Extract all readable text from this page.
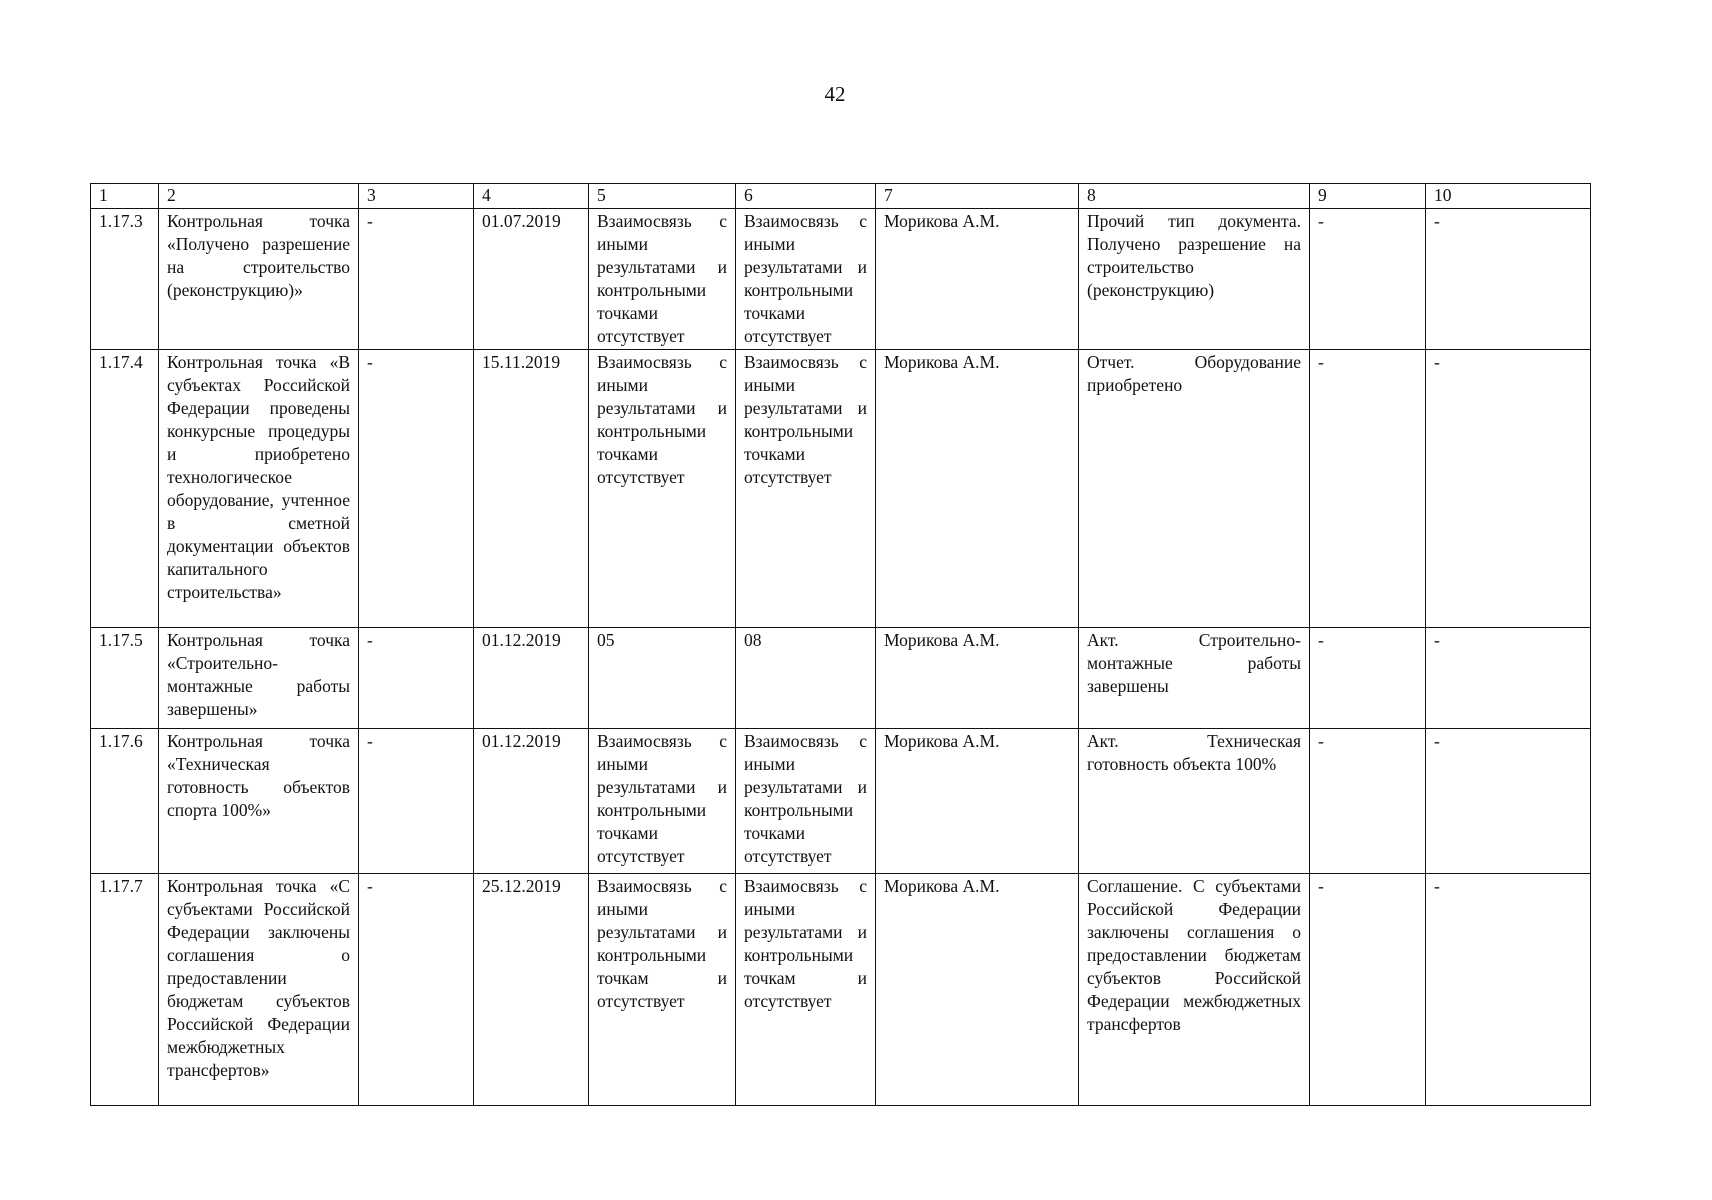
42
1	2	3	4	5	6	7	8	9	10
1.17.3	Контрольная точка «Получено разрешение на строительство (реконструкцию)»	-	01.07.2019	Взаимосвязь с иными результатами и контрольными точками отсутствует	Взаимосвязь с иными результатами и контрольными точками отсутствует	Морикова А.М.	Прочий тип документа. Получено разрешение на строительство (реконструкцию)	-	-
1.17.4	Контрольная точка «В субъектах Российской Федерации проведены конкурсные процедуры и приобретено технологическое оборудование, учтенное в сметной документации объектов капитального строительства»	-	15.11.2019	Взаимосвязь с иными результатами и контрольными точками отсутствует	Взаимосвязь с иными результатами и контрольными точками отсутствует	Морикова А.М.	Отчет. Оборудование приобретено	-	-
1.17.5	Контрольная точка «Строительно-монтажные работы завершены»	-	01.12.2019	05	08	Морикова А.М.	Акт. Строительно-монтажные работы завершены	-	-
1.17.6	Контрольная точка «Техническая готовность объектов спорта 100%»	-	01.12.2019	Взаимосвязь с иными результатами и контрольными точками отсутствует	Взаимосвязь с иными результатами и контрольными точками отсутствует	Морикова А.М.	Акт. Техническая готовность объекта 100%	-	-
1.17.7	Контрольная точка «С субъектами Российской Федерации заключены соглашения о предоставлении бюджетам субъектов Российской Федерации межбюджетных трансфертов»	-	25.12.2019	Взаимосвязь с иными результатами и контрольными точкам и отсутствует	Взаимосвязь с иными результатами и контрольными точкам и отсутствует	Морикова А.М.	Соглашение. С субъектами Российской Федерации заключены соглашения о предоставлении бюджетам субъектов Российской Федерации межбюджетных трансфертов	-	-
